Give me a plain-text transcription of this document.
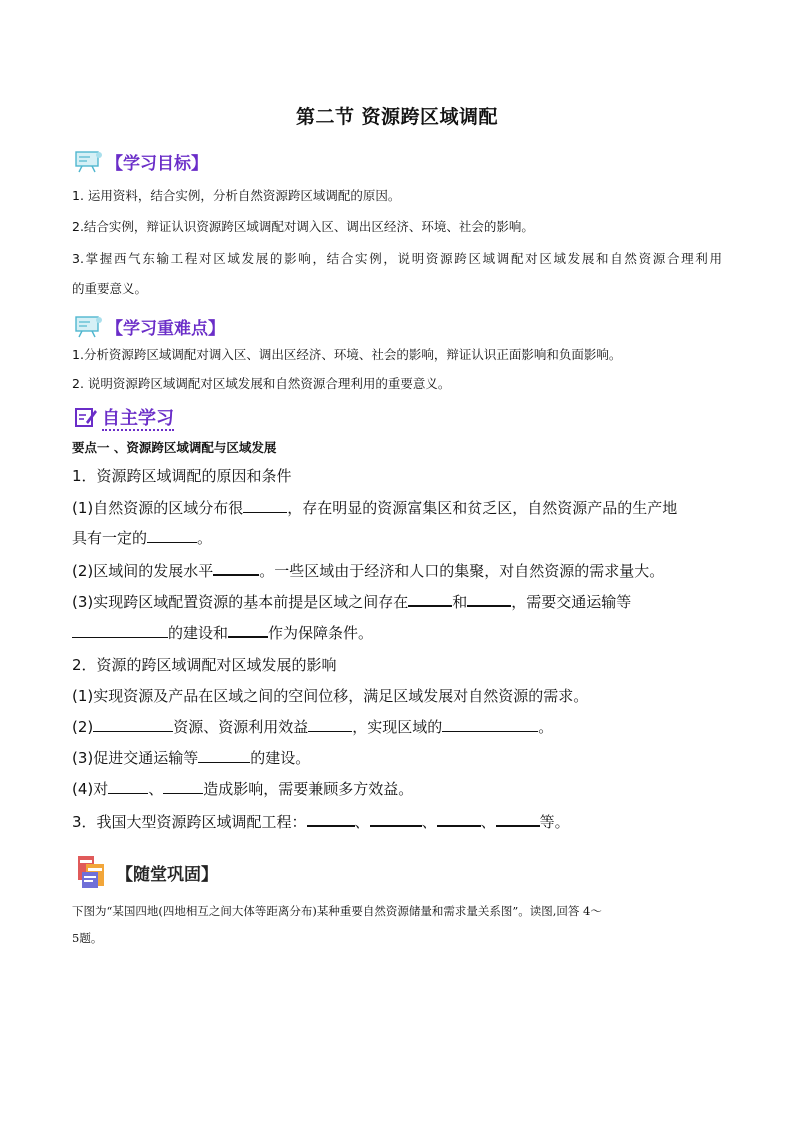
第二节 资源跨区域调配
【学习目标】
1. 运用资料，结合实例，分析自然资源跨区域调配的原因。
2.结合实例，辩证认识资源跨区域调配对调入区、调出区经济、环境、社会的影响。
3.掌握西气东输工程对区域发展的影响，结合实例，说明资源跨区域调配对区域发展和自然资源合理利用
的重要意义。
【学习重难点】
1.分析资源跨区域调配对调入区、调出区经济、环境、社会的影响，辩证认识正面影响和负面影响。
2. 说明资源跨区域调配对区域发展和自然资源合理利用的重要意义。
自主学习
要点一 、资源跨区域调配与区域发展
1．资源跨区域调配的原因和条件
(1)自然资源的区域分布很	，存在明显的资源富集区和贫乏区，自然资源产品的生产地
具有一定的	。
(2)区域间的发展水平	。一些区域由于经济和人口的集聚，对自然资源的需求量大。
(3)实现跨区域配置资源的基本前提是区域之间存在	和	，需要交通运输等
的建设和	作为保障条件。
2．资源的跨区域调配对区域发展的影响
(1)实现资源及产品在区域之间的空间位移，满足区域发展对自然资源的需求。
(2)	资源、资源利用效益	，实现区域的	。
(3)促进交通运输等	的建设。
(4)对	、	造成影响，需要兼顾多方效益。
3．我国大型资源跨区域调配工程：	、	、	、	等。
【随堂巩固】
下图为“某国四地(四地相互之间大体等距离分布)某种重要自然资源储量和需求量关系图”。读图,回答 4～
5题。
